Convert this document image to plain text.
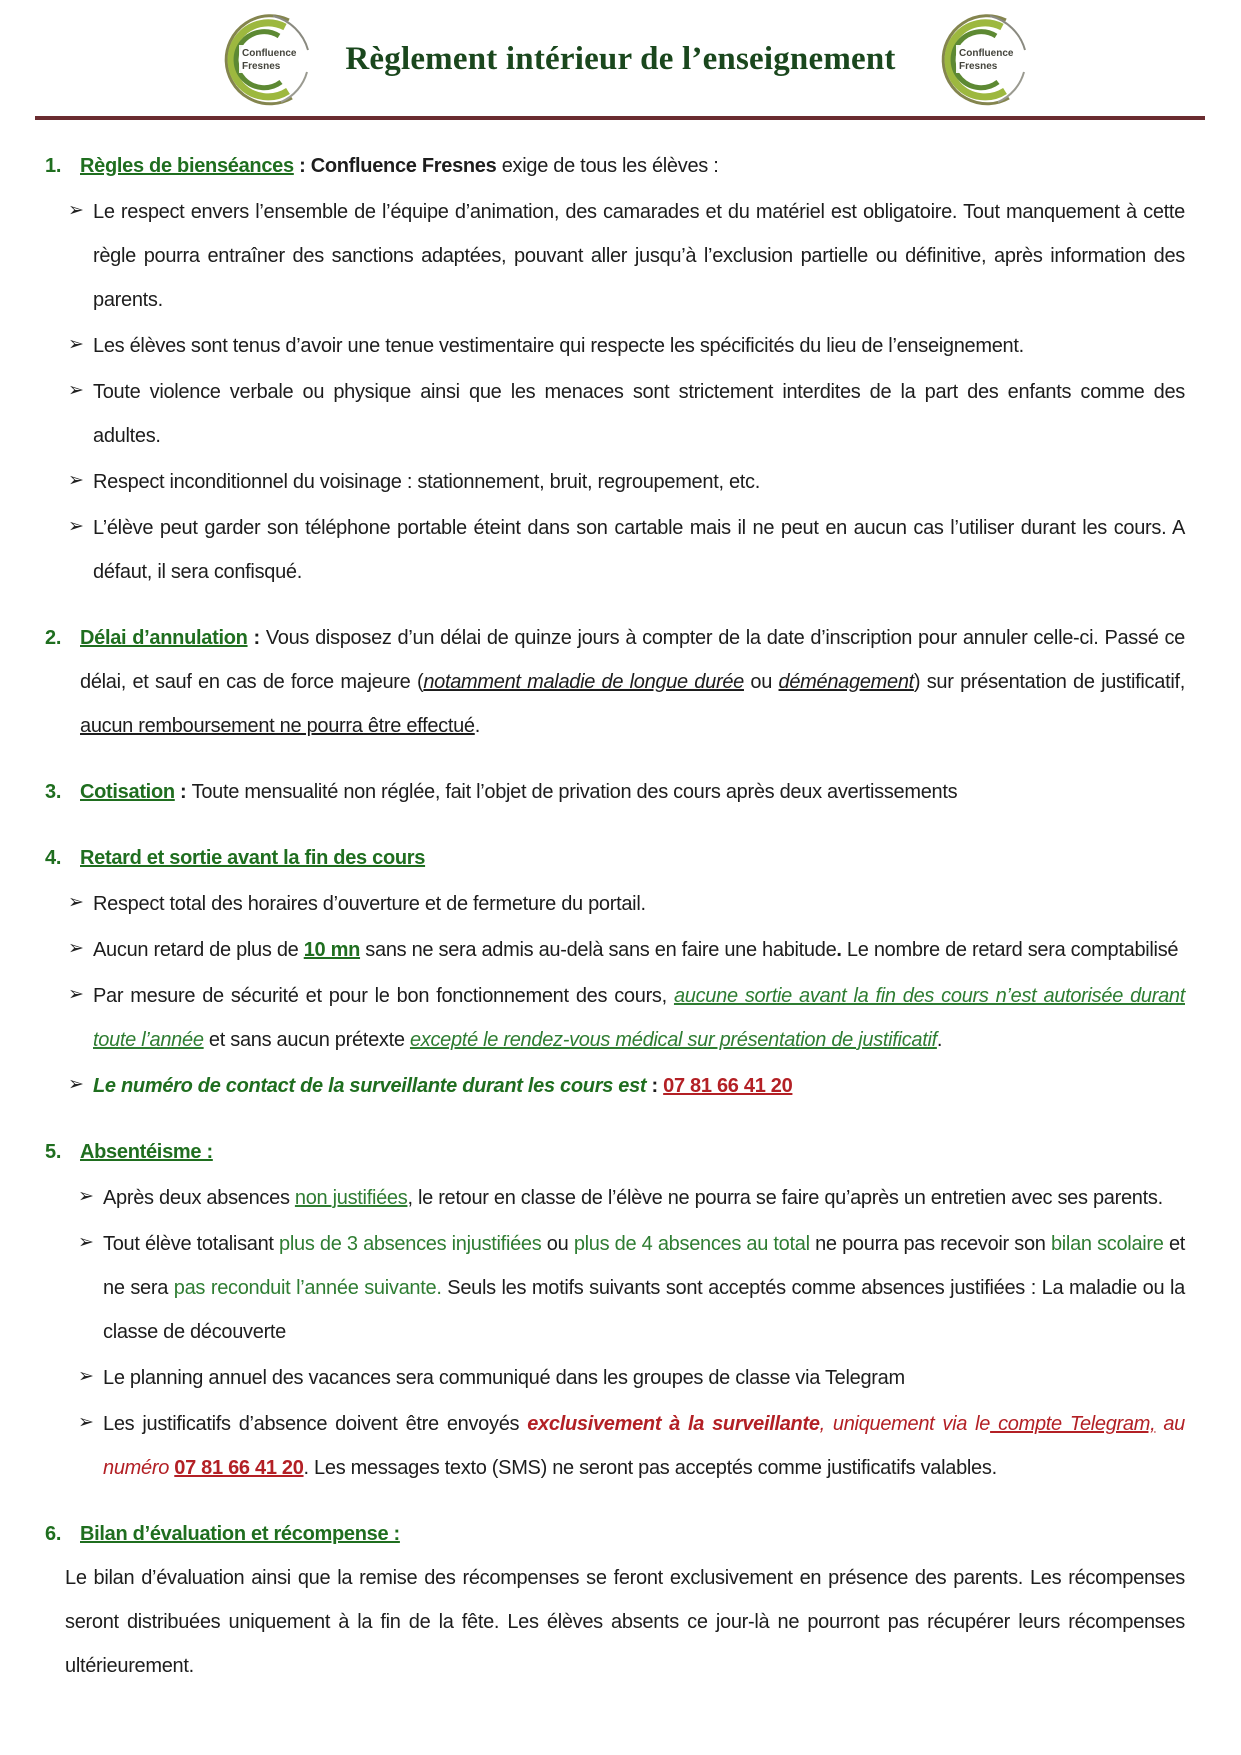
Confluence
Fresnes Règlement intérieur de l’enseignement	Confluence
Fresnes
1. Règles de bienséances : Confluence Fresnes exige de tous les élèves :
➢ Le respect envers l’ensemble de l’équipe d’animation, des camarades et du matériel est obligatoire. Tout manquement à cette règle pourra entraîner des sanctions adaptées, pouvant aller jusqu’à l’exclusion partielle ou définitive, après information des parents.
➢ Les élèves sont tenus d’avoir une tenue vestimentaire qui respecte les spécificités du lieu de l’enseignement.
➢ Toute violence verbale ou physique ainsi que les menaces sont strictement interdites de la part des enfants comme des adultes.
➢ Respect inconditionnel du voisinage : stationnement, bruit, regroupement, etc.
➢ L’élève peut garder son téléphone portable éteint dans son cartable mais il ne peut en aucun cas l’utiliser durant les cours. A défaut, il sera confisqué.
2. Délai d’annulation : Vous disposez d’un délai de quinze jours à compter de la date d’inscription pour annuler celle-ci. Passé ce délai, et sauf en cas de force majeure (notamment maladie de longue durée ou déménagement) sur présentation de justificatif, aucun remboursement ne pourra être effectué.
3. Cotisation : Toute mensualité non réglée, fait l’objet de privation des cours après deux avertissements
4. Retard et sortie avant la fin des cours
➢ Respect total des horaires d’ouverture et de fermeture du portail.
➢ Aucun retard de plus de 10 mn sans ne sera admis au-delà sans en faire une habitude. Le nombre de retard sera comptabilisé
➢ Par mesure de sécurité et pour le bon fonctionnement des cours, aucune sortie avant la fin des cours n’est autorisée durant toute l’année et sans aucun prétexte excepté le rendez-vous médical sur présentation de justificatif.
➢ Le numéro de contact de la surveillante durant les cours est : 07 81 66 41 20
5. Absentéisme :
➢ Après deux absences non justifiées, le retour en classe de l’élève ne pourra se faire qu’après un entretien avec ses parents.
➢ Tout élève totalisant plus de 3 absences injustifiées ou plus de 4 absences au total ne pourra pas recevoir son bilan scolaire et ne sera pas reconduit l’année suivante. Seuls les motifs suivants sont acceptés comme absences justifiées : La maladie ou la classe de découverte
➢ Le planning annuel des vacances sera communiqué dans les groupes de classe via Telegram
➢ Les justificatifs d’absence doivent être envoyés exclusivement à la surveillante, uniquement via le compte Telegram, au numéro 07 81 66 41 20. Les messages texto (SMS) ne seront pas acceptés comme justificatifs valables.
6. Bilan d’évaluation et récompense :
Le bilan d’évaluation ainsi que la remise des récompenses se feront exclusivement en présence des parents. Les récompenses seront distribuées uniquement à la fin de la fête. Les élèves absents ce jour-là ne pourront pas récupérer leurs récompenses ultérieurement.
